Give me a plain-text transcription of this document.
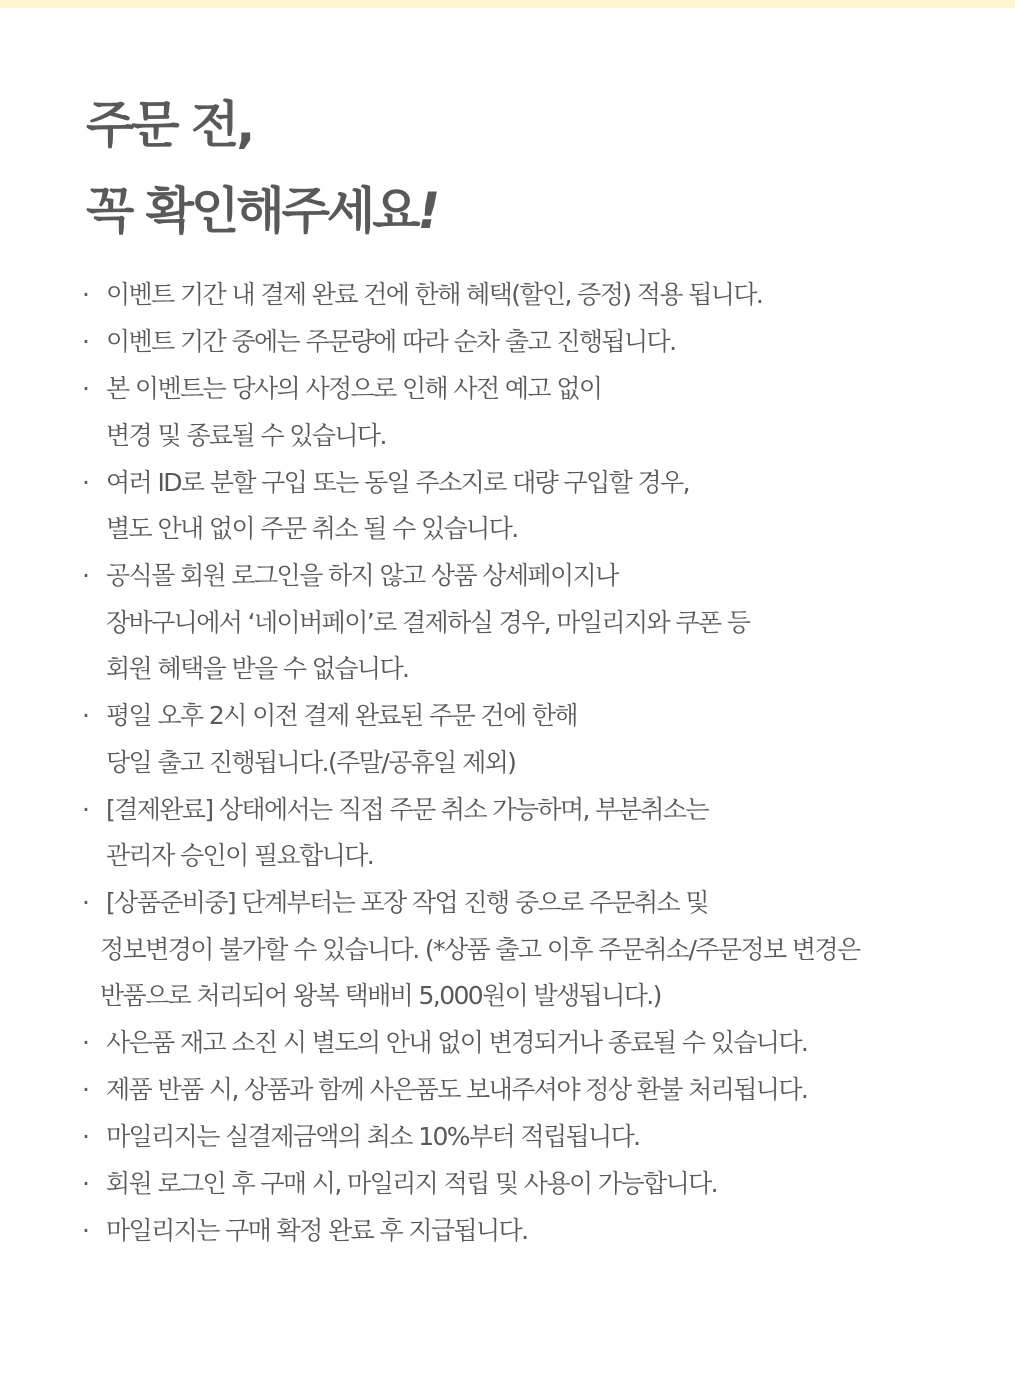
주문 전,
꼭 확인해주세요!
· 이벤트 기간 내 결제 완료 건에 한해 혜택(할인, 증정) 적용 됩니다.
· 이벤트 기간 중에는 주문량에 따라 순차 출고 진행됩니다.
· 본 이벤트는 당사의 사정으로 인해 사전 예고 없이
변경 및 종료될 수 있습니다.
· 여러 ID로 분할 구입 또는 동일 주소지로 대량 구입할 경우,
별도 안내 없이 주문 취소 될 수 있습니다.
· 공식몰 회원 로그인을 하지 않고 상품 상세페이지나
장바구니에서 ‘네이버페이’로 결제하실 경우, 마일리지와 쿠폰 등
회원 혜택을 받을 수 없습니다.
· 평일 오후 2시 이전 결제 완료된 주문 건에 한해
당일 출고 진행됩니다.(주말/공휴일 제외)
· [결제완료] 상태에서는 직접 주문 취소 가능하며, 부분취소는
관리자 승인이 필요합니다.
· [상품준비중] 단계부터는 포장 작업 진행 중으로 주문취소 및
정보변경이 불가할 수 있습니다. (*상품 출고 이후 주문취소/주문정보 변경은
반품으로 처리되어 왕복 택배비 5,000원이 발생됩니다.)
· 사은품 재고 소진 시 별도의 안내 없이 변경되거나 종료될 수 있습니다.
· 제품 반품 시, 상품과 함께 사은품도 보내주셔야 정상 환불 처리됩니다.
· 마일리지는 실결제금액의 최소 10%부터 적립됩니다.
· 회원 로그인 후 구매 시, 마일리지 적립 및 사용이 가능합니다.
· 마일리지는 구매 확정 완료 후 지급됩니다.
